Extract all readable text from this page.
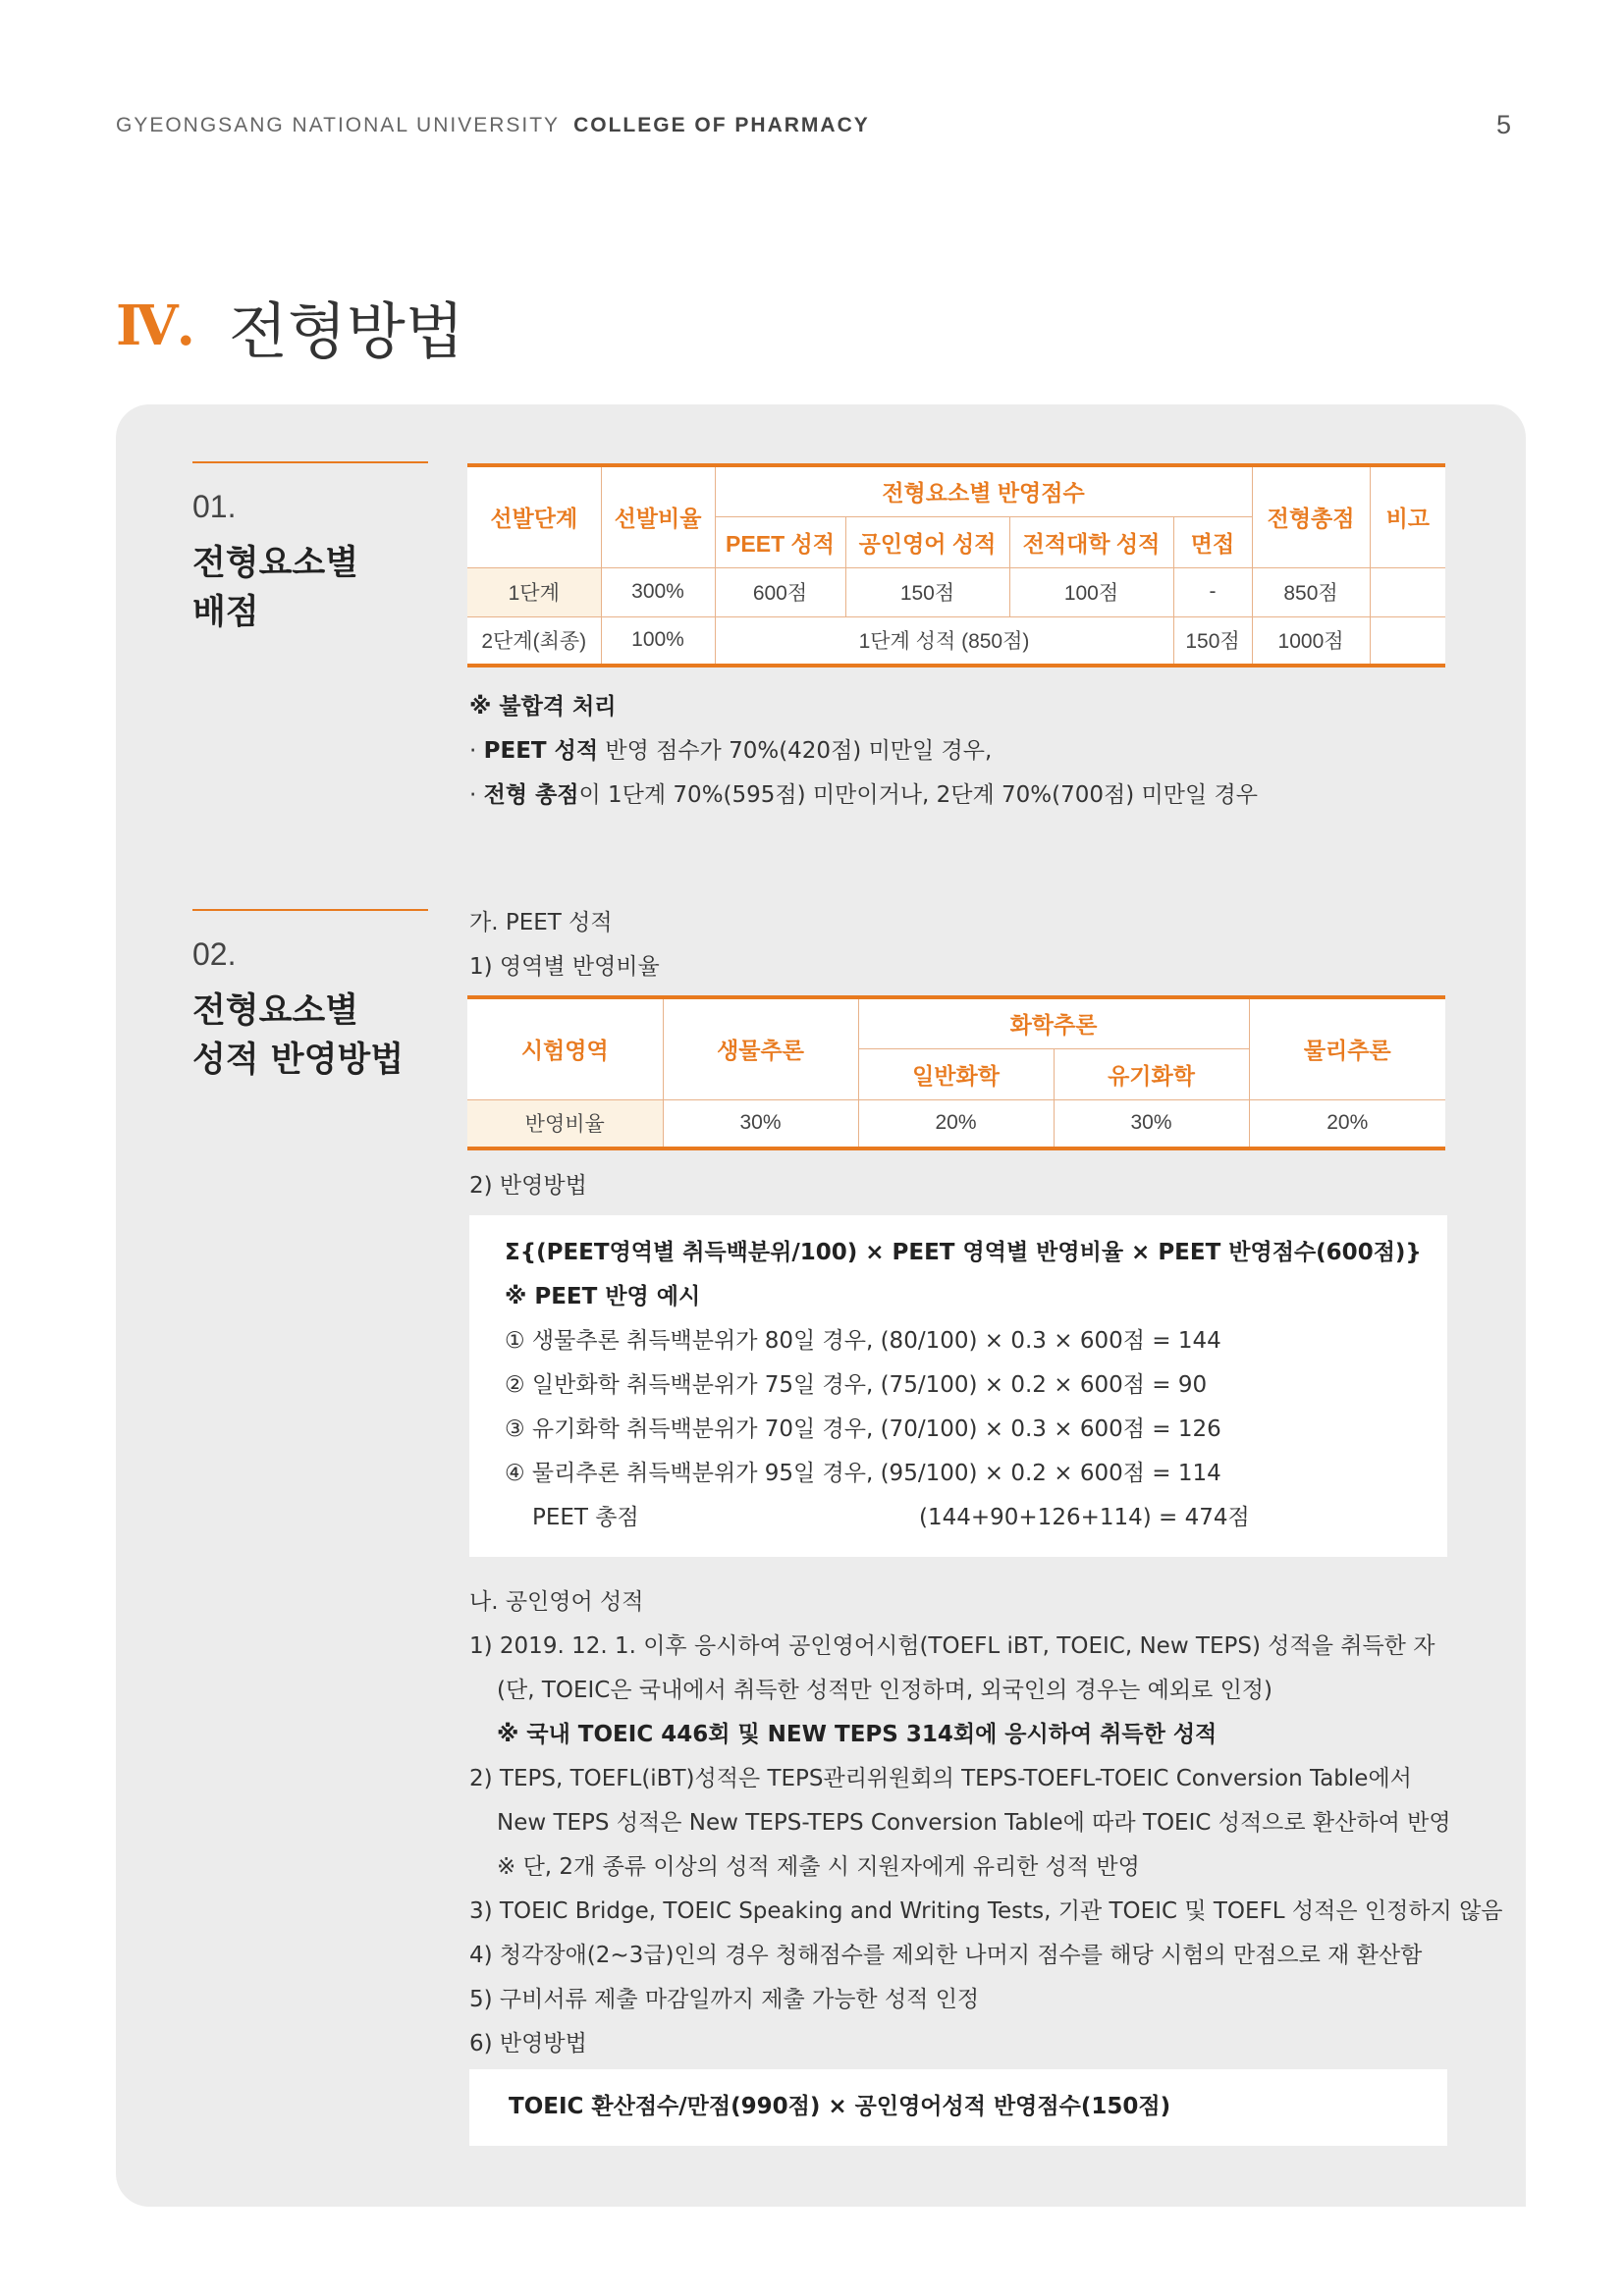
GYEONGSANG NATIONAL UNIVERSITY COLLEGE OF PHARMACY	5
Ⅳ. 전형방법
01.
전형요소별
배점
선발단계	선발비율	전형요소별 반영점수				전형총점	비고
		PEET 성적	공인영어 성적	전적대학 성적	면접		
1단계	300%	600점	150점	100점	-	850점	
2단계(최종)	100%	1단계 성적 (850점)			150점	1000점	
※ 불합격 처리
· PEET 성적 반영 점수가 70%(420점) 미만일 경우,
· 전형 총점이 1단계 70%(595점) 미만이거나, 2단계 70%(700점) 미만일 경우
02.
전형요소별
성적 반영방법
가. PEET 성적
1) 영역별 반영비율
시험영역	생물추론	화학추론		물리추론
		일반화학	유기화학	
반영비율	30%	20%	30%	20%
2) 반영방법
Σ{(PEET영역별 취득백분위/100) × PEET 영역별 반영비율 × PEET 반영점수(600점)}
※ PEET 반영 예시
① 생물추론 취득백분위가 80일 경우, (80/100) × 0.3 × 600점 = 144
② 일반화학 취득백분위가 75일 경우, (75/100) × 0.2 × 600점 = 90
③ 유기화학 취득백분위가 70일 경우, (70/100) × 0.3 × 600점 = 126
④ 물리추론 취득백분위가 95일 경우, (95/100) × 0.2 × 600점 = 114
PEET 총점	(144+90+126+114) = 474점
나. 공인영어 성적
1) 2019. 12. 1. 이후 응시하여 공인영어시험(TOEFL iBT, TOEIC, New TEPS) 성적을 취득한 자
(단, TOEIC은 국내에서 취득한 성적만 인정하며, 외국인의 경우는 예외로 인정)
※ 국내 TOEIC 446회 및 NEW TEPS 314회에 응시하여 취득한 성적
2) TEPS, TOEFL(iBT)성적은 TEPS관리위원회의 TEPS-TOEFL-TOEIC Conversion Table에서
New TEPS 성적은 New TEPS-TEPS Conversion Table에 따라 TOEIC 성적으로 환산하여 반영
※ 단, 2개 종류 이상의 성적 제출 시 지원자에게 유리한 성적 반영
3) TOEIC Bridge, TOEIC Speaking and Writing Tests, 기관 TOEIC 및 TOEFL 성적은 인정하지 않음
4) 청각장애(2~3급)인의 경우 청해점수를 제외한 나머지 점수를 해당 시험의 만점으로 재 환산함
5) 구비서류 제출 마감일까지 제출 가능한 성적 인정
6) 반영방법
TOEIC 환산점수/만점(990점) × 공인영어성적 반영점수(150점)
